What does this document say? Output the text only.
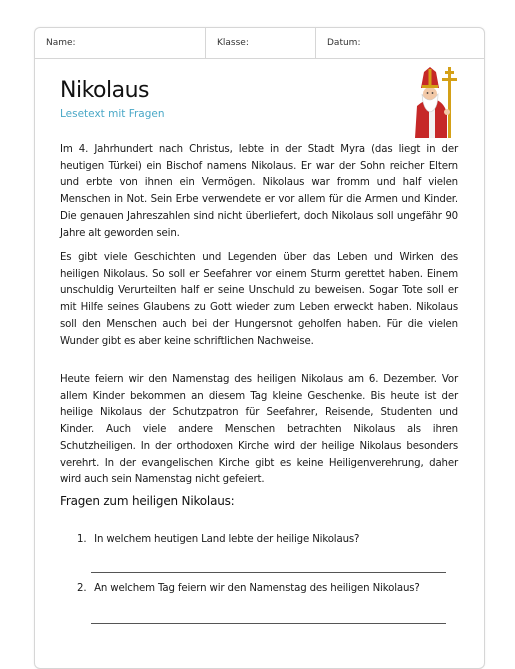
Name:	Klasse:	Datum:
Nikolaus
Lesetext mit Fragen

Im 4. Jahrhundert nach Christus, lebte in der Stadt Myra (das liegt in der heutigen Türkei) ein Bischof namens Nikolaus. Er war der Sohn reicher Eltern und erbte von ihnen ein Vermögen. Nikolaus war fromm und half vielen Menschen in Not. Sein Erbe verwendete er vor allem für die Armen und Kinder. Die genauen Jahreszahlen sind nicht überliefert, doch Nikolaus soll ungefähr 90 Jahre alt geworden sein.

Es gibt viele Geschichten und Legenden über das Leben und Wirken des heiligen Nikolaus. So soll er Seefahrer vor einem Sturm gerettet haben. Einem unschuldig Verurteilten half er seine Unschuld zu beweisen. Sogar Tote soll er mit Hilfe seines Glaubens zu Gott wieder zum Leben erweckt haben. Nikolaus soll den Menschen auch bei der Hungersnot geholfen haben. Für die vielen Wunder gibt es aber keine schriftlichen Nachweise.

Heute feiern wir den Namenstag des heiligen Nikolaus am 6. Dezember. Vor allem Kinder bekommen an diesem Tag kleine Geschenke. Bis heute ist der heilige Nikolaus der Schutzpatron für Seefahrer, Reisende, Studenten und Kinder. Auch viele andere Menschen betrachten Nikolaus als ihren Schutzheiligen. In der orthodoxen Kirche wird der heilige Nikolaus besonders verehrt. In der evangelischen Kirche gibt es keine Heiligenverehrung, daher wird auch sein Namenstag nicht gefeiert.

Fragen zum heiligen Nikolaus:
1. In welchem heutigen Land lebte der heilige Nikolaus?
2. An welchem Tag feiern wir den Namenstag des heiligen Nikolaus?
